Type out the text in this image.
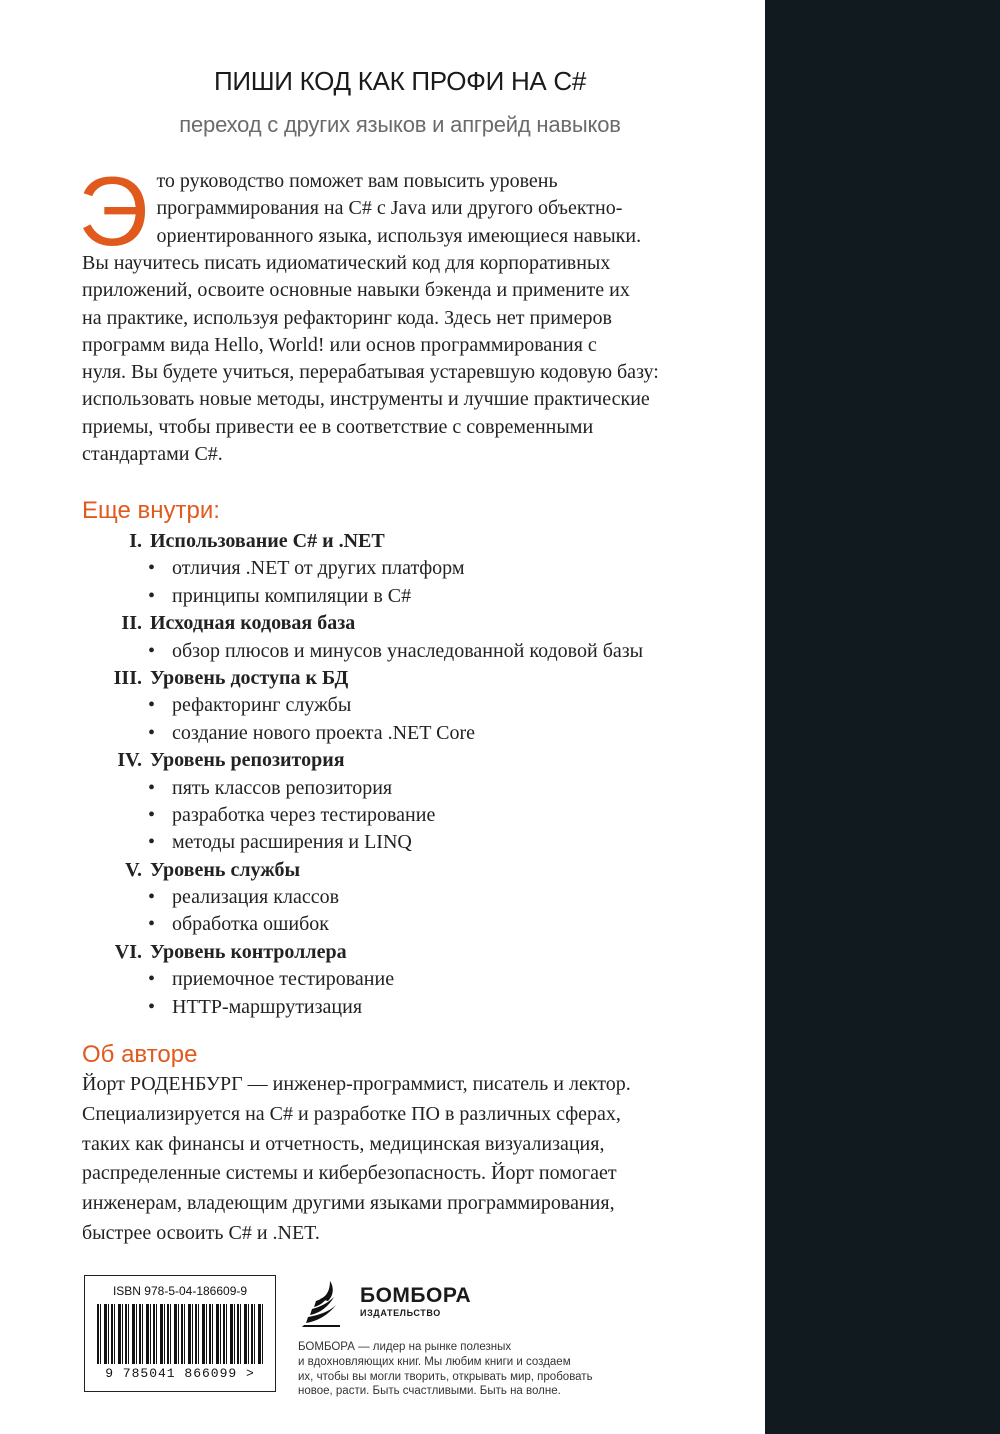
ПИШИ КОД КАК ПРОФИ НА C#
переход с других языков и апгрейд навыков
Э то руководство поможет вам повысить уровень
программирования на C# с Java или другого объектно-
ориентированного языка, используя имеющиеся навыки.
Вы научитесь писать идиоматический код для корпоративных
приложений, освоите основные навыки бэкенда и примените их
на практике, используя рефакторинг кода. Здесь нет примеров
программ вида Hello, World! или основ программирования с
нуля. Вы будете учиться, перерабатывая устаревшую кодовую базу:
использовать новые методы, инструменты и лучшие практические
приемы, чтобы привести ее в соответствие с современными
стандартами C#.
Еще внутри:
I. Использование C# и .NET
• отличия .NET от других платформ
• принципы компиляции в C#
II. Исходная кодовая база
• обзор плюсов и минусов унаследованной кодовой базы
III. Уровень доступа к БД
• рефакторинг службы
• создание нового проекта .NET Core
IV. Уровень репозитория
• пять классов репозитория
• разработка через тестирование
• методы расширения и LINQ
V. Уровень службы
• реализация классов
• обработка ошибок
VI. Уровень контроллера
• приемочное тестирование
• HTTP-маршрутизация
Об авторе
Йорт РОДЕНБУРГ — инженер-программист, писатель и лектор.
Специализируется на C# и разработке ПО в различных сферах,
таких как финансы и отчетность, медицинская визуализация,
распределенные системы и кибербезопасность. Йорт помогает
инженерам, владеющим другими языками программирования,
быстрее освоить C# и .NET.
ISBN 978-5-04-186609-9
9 785041 866099 >
БОМБОРА
ИЗДАТЕЛЬСТВО
БОМБОРА — лидер на рынке полезных
и вдохновляющих книг. Мы любим книги и создаем
их, чтобы вы могли творить, открывать мир, пробовать
новое, расти. Быть счастливыми. Быть на волне.
